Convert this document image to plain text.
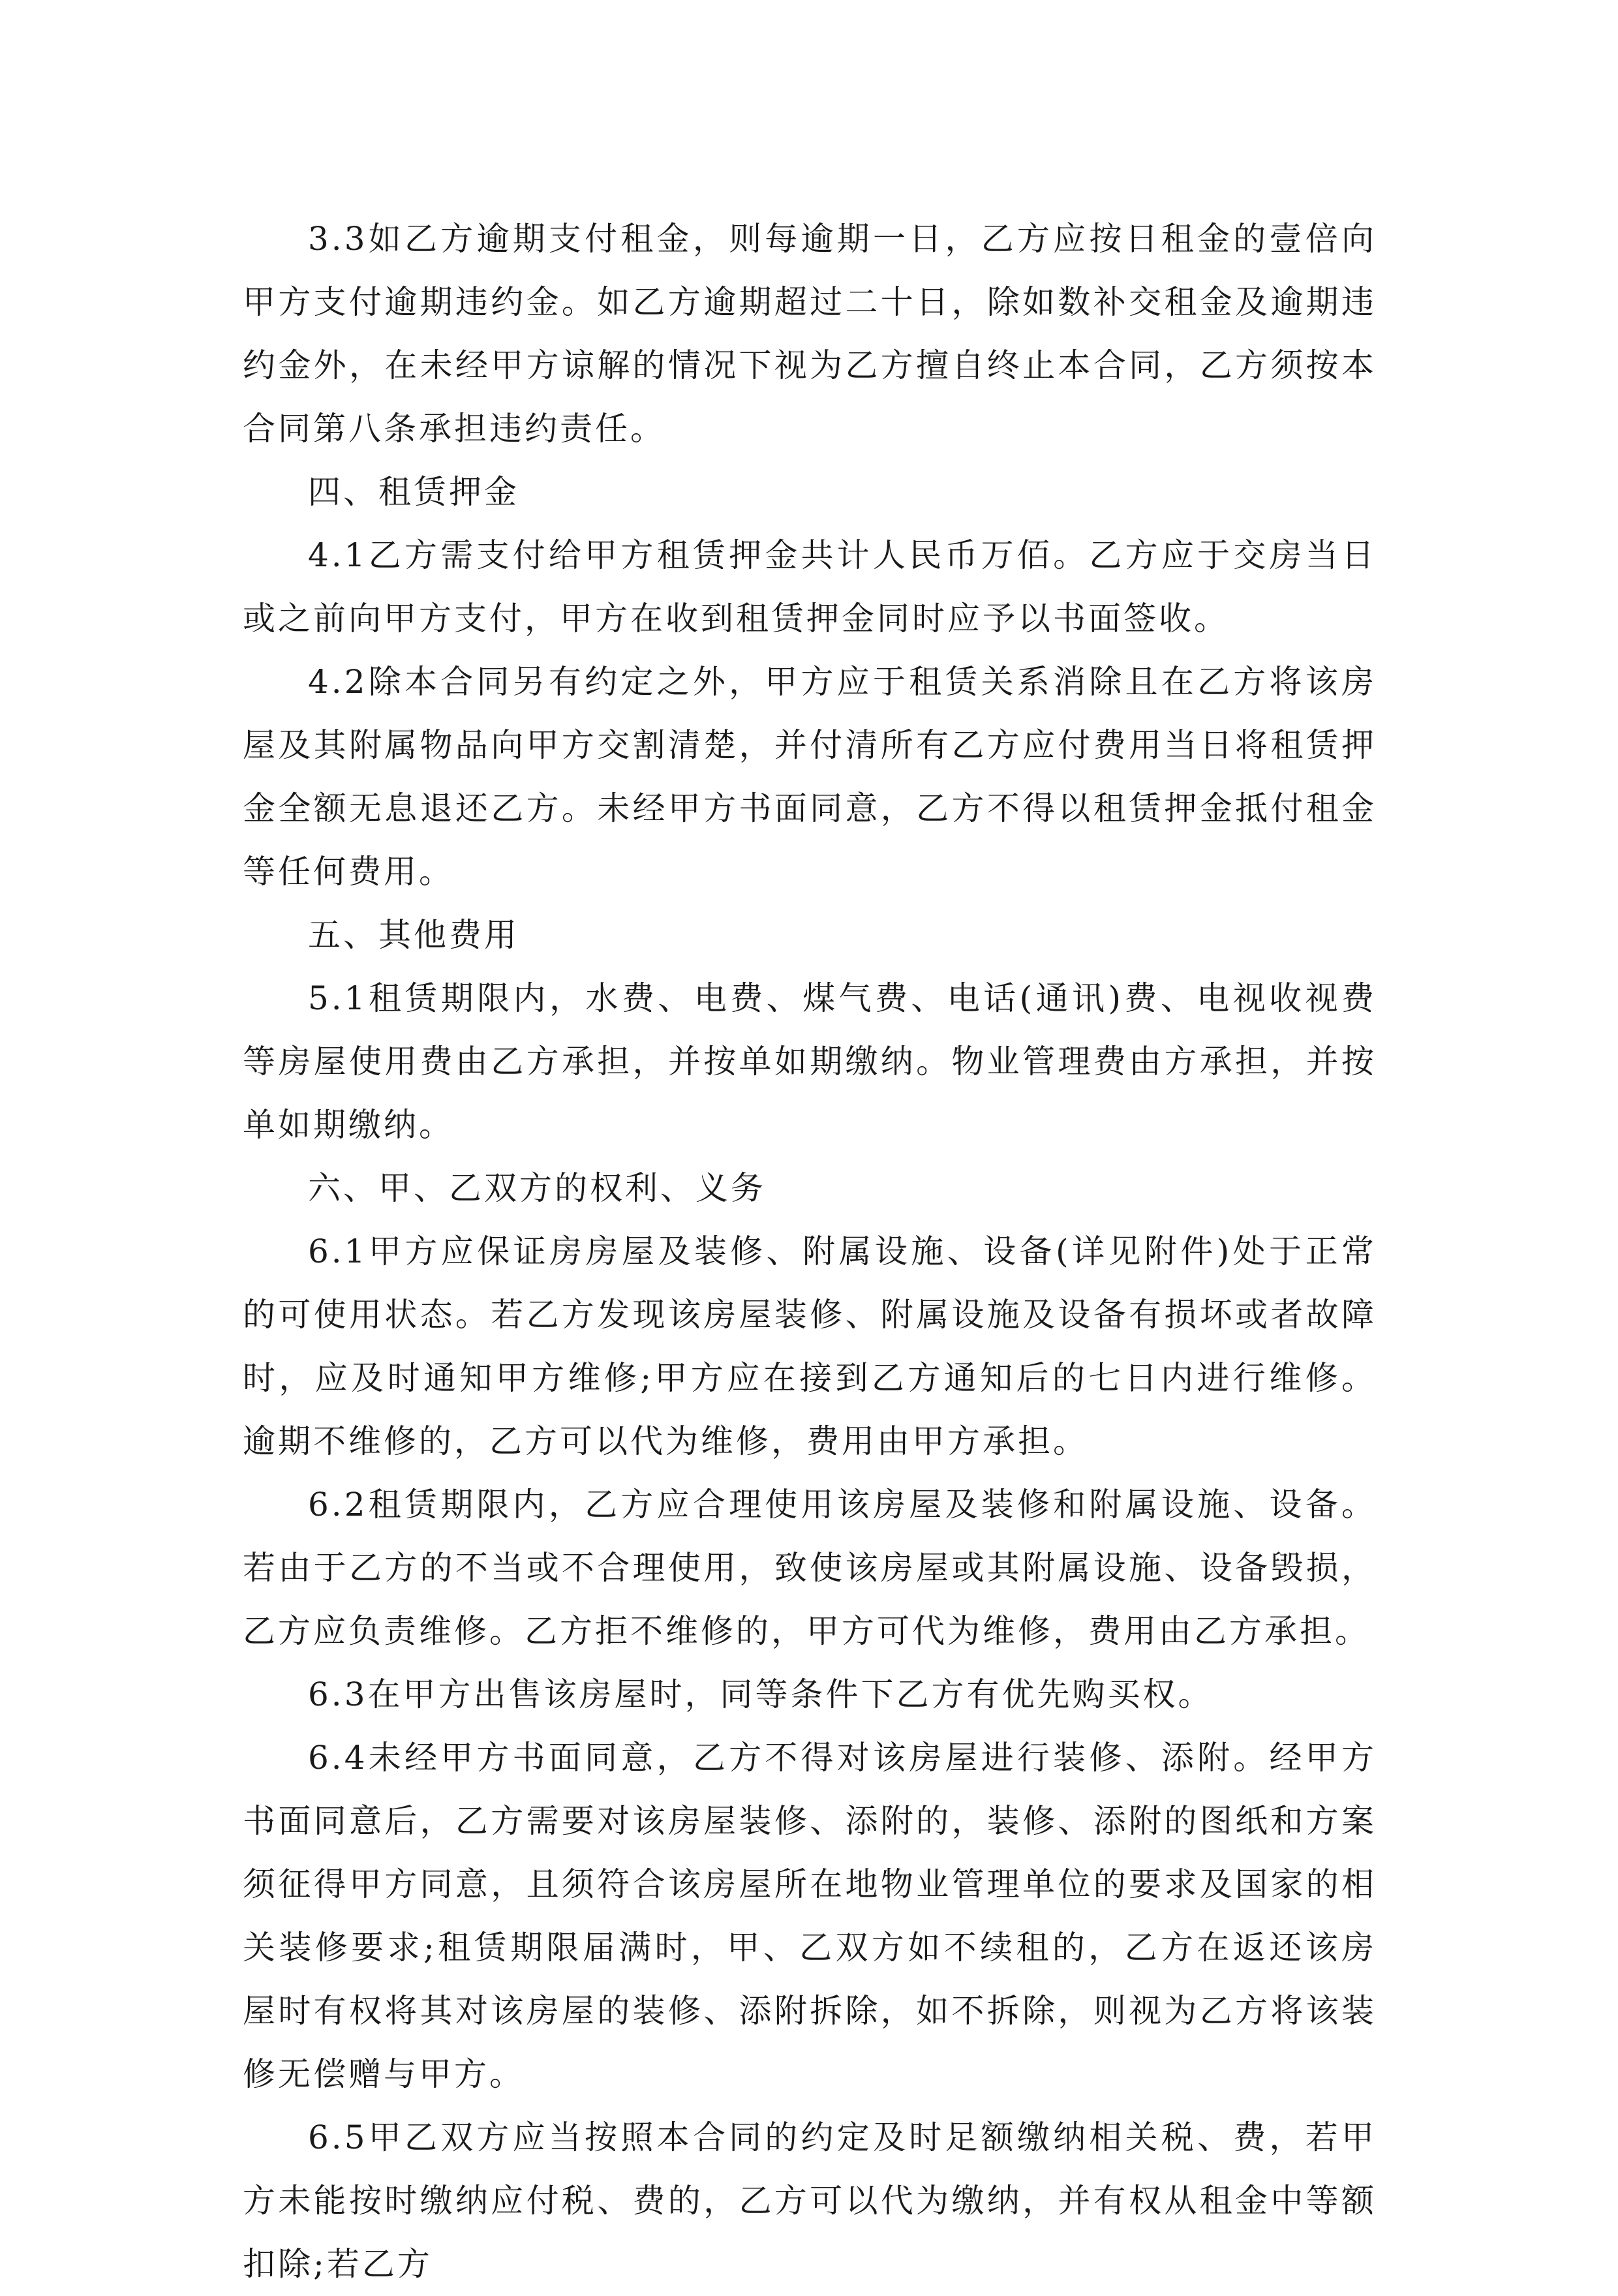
3.3如乙方逾期支付租金，则每逾期一日，乙方应按日租金的壹倍向甲方支付逾期违约金。如乙方逾期超过二十日，除如数补交租金及逾期违约金外，在未经甲方谅解的情况下视为乙方擅自终止本合同，乙方须按本合同第八条承担违约责任。

四、租赁押金

4.1乙方需支付给甲方租赁押金共计人民币万佰。乙方应于交房当日或之前向甲方支付，甲方在收到租赁押金同时应予以书面签收。

4.2除本合同另有约定之外，甲方应于租赁关系消除且在乙方将该房屋及其附属物品向甲方交割清楚，并付清所有乙方应付费用当日将租赁押金全额无息退还乙方。未经甲方书面同意，乙方不得以租赁押金抵付租金等任何费用。

五、其他费用

5.1租赁期限内，水费、电费、煤气费、电话(通讯)费、电视收视费等房屋使用费由乙方承担，并按单如期缴纳。物业管理费由方承担，并按单如期缴纳。

六、甲、乙双方的权利、义务

6.1甲方应保证房房屋及装修、附属设施、设备(详见附件)处于正常的可使用状态。若乙方发现该房屋装修、附属设施及设备有损坏或者故障时，应及时通知甲方维修;甲方应在接到乙方通知后的七日内进行维修。逾期不维修的，乙方可以代为维修，费用由甲方承担。

6.2租赁期限内，乙方应合理使用该房屋及装修和附属设施、设备。若由于乙方的不当或不合理使用，致使该房屋或其附属设施、设备毁损，乙方应负责维修。乙方拒不维修的，甲方可代为维修，费用由乙方承担。

6.3在甲方出售该房屋时，同等条件下乙方有优先购买权。

6.4未经甲方书面同意，乙方不得对该房屋进行装修、添附。经甲方书面同意后，乙方需要对该房屋装修、添附的，装修、添附的图纸和方案须征得甲方同意，且须符合该房屋所在地物业管理单位的要求及国家的相关装修要求;租赁期限届满时，甲、乙双方如不续租的，乙方在返还该房屋时有权将其对该房屋的装修、添附拆除，如不拆除，则视为乙方将该装修无偿赠与甲方。

6.5甲乙双方应当按照本合同的约定及时足额缴纳相关税、费，若甲方未能按时缴纳应付税、费的，乙方可以代为缴纳，并有权从租金中等额扣除;若乙方
